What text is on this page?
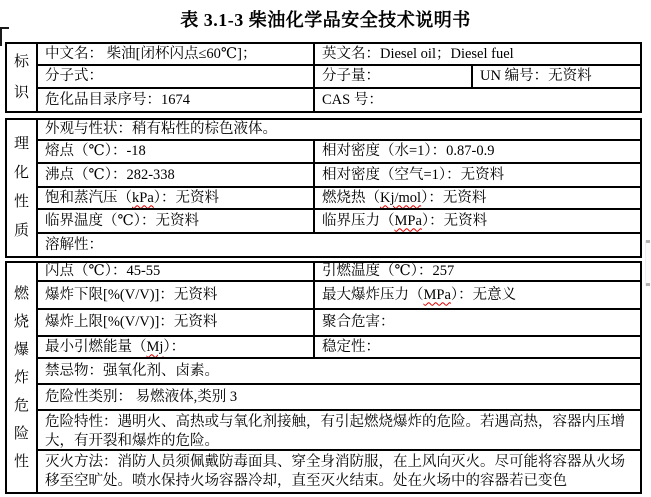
表 3.1-3 柴油化学品安全技术说明书
标识
中文名： 柴油[闭杯闪点≤60℃]；	英文名：Diesel oil；Diesel fuel
分子式：	分子量：	UN 编号：无资料
危化品目录序号：1674	CAS 号：
理化性质
外观与性状：稍有粘性的棕色液体。
熔点（℃）：-18	相对密度（水=1）：0.87-0.9
沸点（℃）：282-338	相对密度（空气=1）：无资料
饱和蒸汽压（ kPa ）：无资料	燃烧热（ Kj/mol ）：无资料
临界温度（℃）：无资料	临界压力（ MPa ）：无资料
溶解性：
燃烧爆炸危险性
闪点（℃）：45-55	引燃温度（℃）：257
爆炸下限[%(V/V)]：无资料	最大爆炸压力（ MPa ）：无意义
爆炸上限[%(V/V)]：无资料	聚合危害：
最小引燃能量（ Mj ）：	稳定性：
禁忌物：强氧化剂、卤素。
危险性类别： 易燃液体,类别 3
危险特性：遇明火、高热或与氧化剂接触，有引起燃烧爆炸的危险。若遇高热，容器内压增大，有开裂和爆炸的危险。
灭火方法：消防人员须佩戴防毒面具、穿全身消防服，在上风向灭火。尽可能将容器从火场移至空旷处。喷水保持火场容器冷却，直至灭火结束。处在火场中的容器若已变色
